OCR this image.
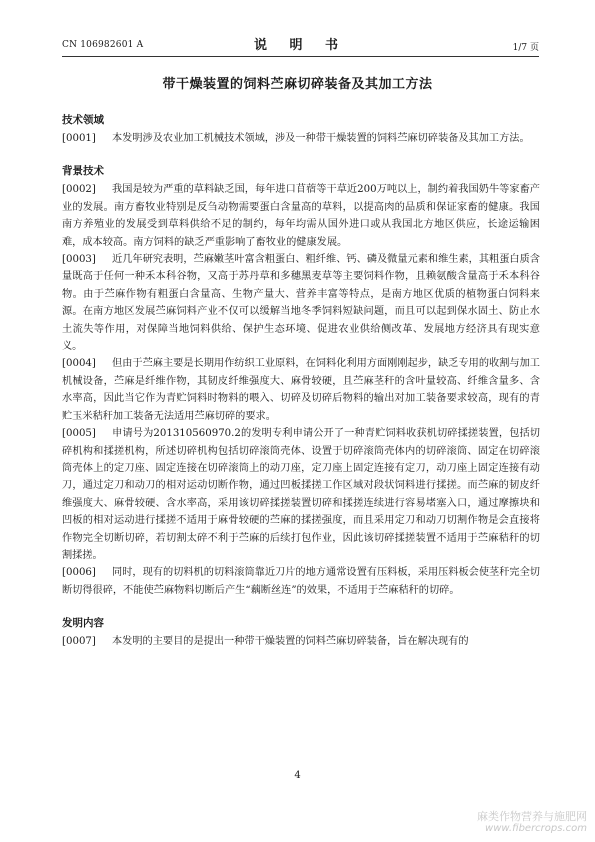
CN 106982601 A	说 明 书	1/7 页
带干燥装置的饲料苎麻切碎装备及其加工方法
技术领域

[0001] 本发明涉及农业加工机械技术领域，涉及一种带干燥装置的饲料苎麻切碎装备及其加工方法。

背景技术

[0002] 我国是较为严重的草料缺乏国，每年进口苜蓿等干草近200万吨以上，制约着我国奶牛等家畜产业的发展。南方畜牧业特别是反刍动物需要蛋白含量高的草料，以提高肉的品质和保证家畜的健康。我国南方养殖业的发展受到草料供给不足的制约，每年均需从国外进口或从我国北方地区供应，长途运输困难，成本较高。南方饲料的缺乏严重影响了畜牧业的健康发展。

[0003] 近几年研究表明，苎麻嫩茎叶富含粗蛋白、粗纤维、钙、磷及微量元素和维生素，其粗蛋白质含量既高于任何一种禾本科谷物，又高于苏丹草和多穗黑麦草等主要饲料作物，且赖氨酸含量高于禾本科谷物。由于苎麻作物有粗蛋白含量高、生物产量大、营养丰富等特点，是南方地区优质的植物蛋白饲料来源。在南方地区发展苎麻饲料产业不仅可以缓解当地冬季饲料短缺问题，而且可以起到保水固土、防止水土流失等作用，对保障当地饲料供给、保护生态环境、促进农业供给侧改革、发展地方经济具有现实意义。

[0004] 但由于苎麻主要是长期用作纺织工业原料，在饲料化利用方面刚刚起步，缺乏专用的收割与加工机械设备，苎麻是纤维作物，其韧皮纤维强度大、麻骨较硬，且苎麻茎秆的含叶量较高、纤维含量多、含水率高，因此当它作为青贮饲料时物料的喂入、切碎及切碎后物料的输出对加工装备要求较高，现有的青贮玉米秸秆加工装备无法适用苎麻切碎的要求。

[0005] 申请号为201310560970.2的发明专利申请公开了一种青贮饲料收获机切碎揉搓装置，包括切碎机构和揉搓机构，所述切碎机构包括切碎滚筒壳体、设置于切碎滚筒壳体内的切碎滚筒、固定在切碎滚筒壳体上的定刀座、固定连接在切碎滚筒上的动刀座，定刀座上固定连接有定刀，动刀座上固定连接有动刀，通过定刀和动刀的相对运动切断作物，通过凹板揉搓工作区域对段状饲料进行揉搓。而苎麻的韧皮纤维强度大、麻骨较硬、含水率高，采用该切碎揉搓装置切碎和揉搓连续进行容易堵塞入口，通过摩擦块和凹板的相对运动进行揉搓不适用于麻骨较硬的苎麻的揉搓强度，而且采用定刀和动刀切割作物是会直接将作物完全切断切碎，若切割太碎不利于苎麻的后续打包作业，因此该切碎揉搓装置不适用于苎麻秸秆的切割揉搓。

[0006] 同时，现有的切料机的切料滚筒靠近刀片的地方通常设置有压料板，采用压料板会使茎秆完全切断切得很碎，不能使苎麻物料切断后产生“藕断丝连”的效果，不适用于苎麻秸秆的切碎。

发明内容

[0007] 本发明的主要目的是提出一种带干燥装置的饲料苎麻切碎装备，旨在解决现有的

4
麻类作物营养与施肥网
www.fibercrops.com
